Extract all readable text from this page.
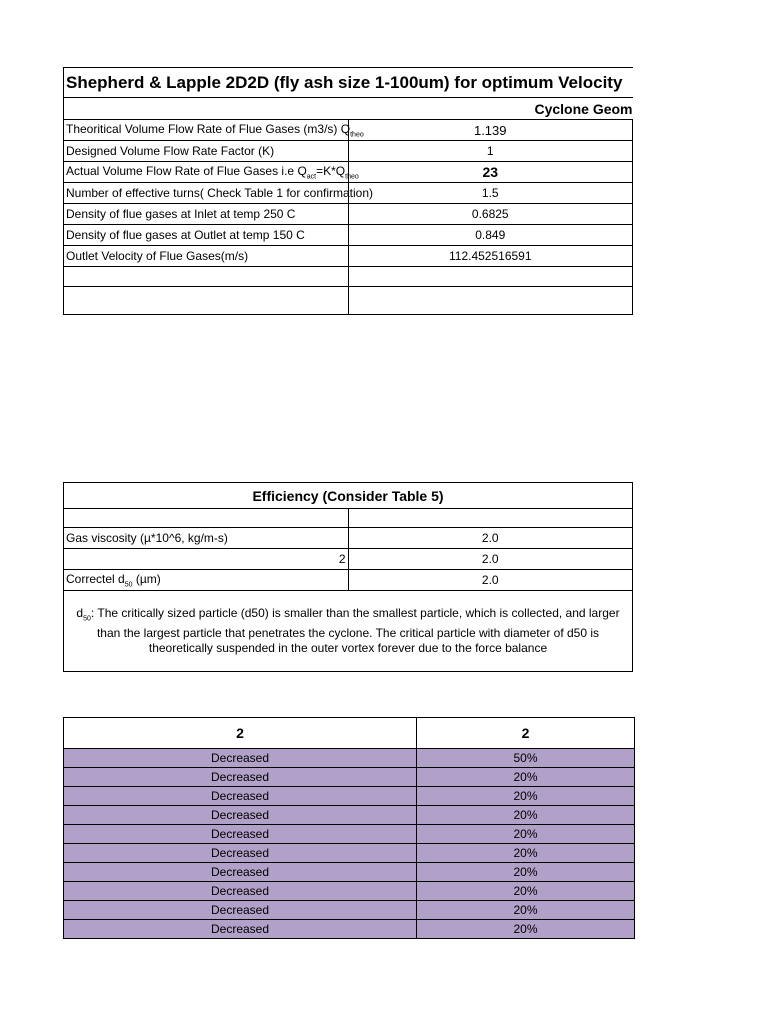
Shepherd & Lapple 2D2D (fly ash size 1-100um) for optimum Velocity	
Cyclone Geom	
Theoritical Volume Flow Rate of Flue Gases (m3/s) $Q_{theo}$	1.139
Designed Volume Flow Rate Factor (K)	1
Actual Volume Flow Rate of Flue Gases i.e $Q_{act}=K*Q_{theo}$	23
Number of effective turns( Check Table 1 for confirmation)	1.5
Density of flue gases at Inlet at temp 250 C	0.6825
Density of flue gases at Outlet at temp 150 C	0.849
Outlet Velocity of Flue Gases(m/s)	112.452516591

Efficiency (Consider Table 5)	

Gas viscosity (µ*10^6, kg/m-s)	2.0
2	2.0
Correctel $d_{50}$ (µm)	2.0
$d_{50}$: The critically sized particle (d50) is smaller than the smallest particle, which is collected, and larger than the largest particle that penetrates the cyclone. The critical particle with diameter of d50 is theoretically suspended in the outer vortex forever due to the force balance	
2	2
Decreased	50%
Decreased	20%
Decreased	20%
Decreased	20%
Decreased	20%
Decreased	20%
Decreased	20%
Decreased	20%
Decreased	20%
Decreased	20%
